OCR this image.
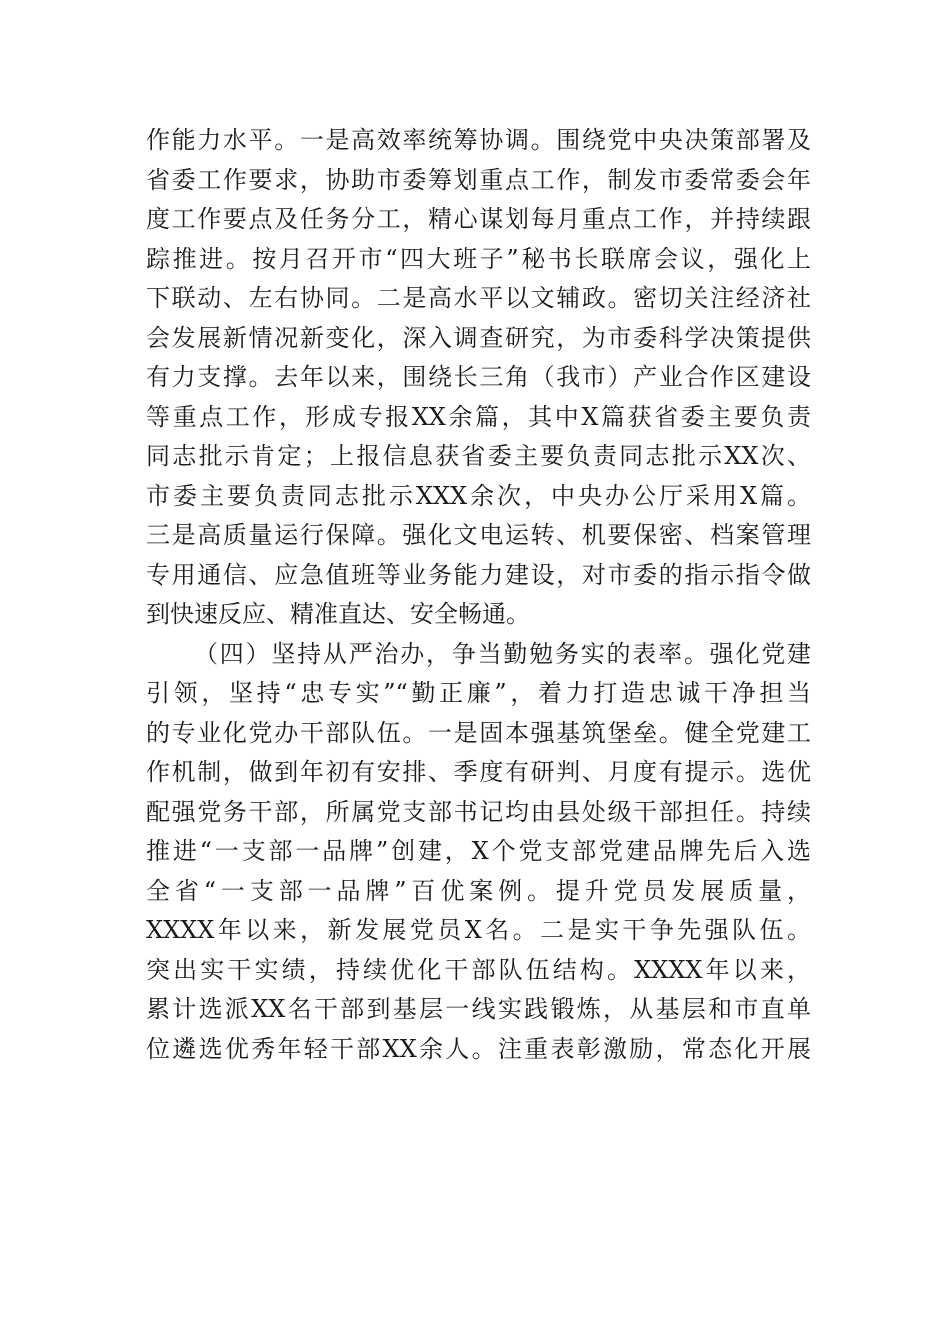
作能力水平。一是高效率统筹协调。围绕党中央决策部署及
省委工作要求，协助市委筹划重点工作，制发市委常委会年
度工作要点及任务分工，精心谋划每月重点工作，并持续跟
踪推进。按月召开市“四大班子”秘书长联席会议，强化上
下联动、左右协同。二是高水平以文辅政。密切关注经济社
会发展新情况新变化，深入调查研究，为市委科学决策提供
有力支撑。去年以来，围绕长三角（我市）产业合作区建设
等重点工作，形成专报XX余篇，其中X篇获省委主要负责
同志批示肯定；上报信息获省委主要负责同志批示XX次、
市委主要负责同志批示XXX余次，中央办公厅采用X篇。
三是高质量运行保障。强化文电运转、机要保密、档案管理
专用通信、应急值班等业务能力建设，对市委的指示指令做
到快速反应、精准直达、安全畅通。
（四）坚持从严治办，争当勤勉务实的表率。强化党建
引领，坚持“忠专实”“勤正廉”，着力打造忠诚干净担当
的专业化党办干部队伍。一是固本强基筑堡垒。健全党建工
作机制，做到年初有安排、季度有研判、月度有提示。选优
配强党务干部，所属党支部书记均由县处级干部担任。持续
推进“一支部一品牌”创建，X个党支部党建品牌先后入选
全省“一支部一品牌”百优案例。提升党员发展质量，
XXXX年以来，新发展党员X名。二是实干争先强队伍。
突出实干实绩，持续优化干部队伍结构。XXXX年以来，
累计选派XX名干部到基层一线实践锻炼，从基层和市直单
位遴选优秀年轻干部XX余人。注重表彰激励，常态化开展
